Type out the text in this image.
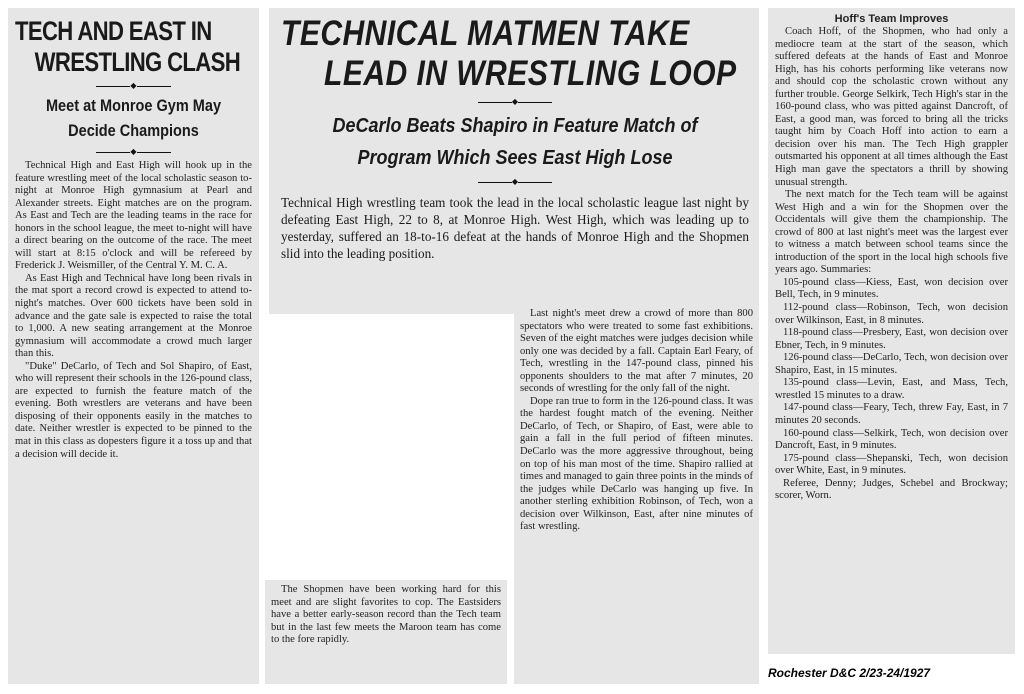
TECH AND EAST IN
WRESTLING CLASH
◆
Meet at Monroe Gym May
Decide Champions
◆

Technical High and East High will hook up in the feature wrestling meet of the local scholastic season to-night at Monroe High gymnasium at Pearl and Alexander streets. Eight matches are on the program. As East and Tech are the leading teams in the race for honors in the school league, the meet to-night will have a direct bearing on the outcome of the race. The meet will start at 8:15 o'clock and will be refereed by Frederick J. Weismiller, of the Central Y. M. C. A.

As East High and Technical have long been rivals in the mat sport a record crowd is expected to attend to-night's matches. Over 600 tickets have been sold in advance and the gate sale is expected to raise the total to 1,000. A new seating arrangement at the Monroe gymnasium will accommodate a crowd much larger than this.

"Duke" DeCarlo, of Tech and Sol Shapiro, of East, who will represent their schools in the 126-pound class, are expected to furnish the feature match of the evening. Both wrestlers are veterans and have been disposing of their opponents easily in the matches to date. Neither wrestler is expected to be pinned to the mat in this class as dopesters figure it a toss up and that a decision will decide it.

TECHNICAL MATMEN TAKE
LEAD IN WRESTLING LOOP
◆
DeCarlo Beats Shapiro in Feature Match of
Program Which Sees East High Lose
◆

Technical High wrestling team took the lead in the local scholastic league last night by defeating East High, 22 to 8, at Monroe High. West High, which was leading up to yesterday, suffered an 18-to-16 defeat at the hands of Monroe High and the Shopmen slid into the leading position.

The Shopmen have been working hard for this meet and are slight favorites to cop. The Eastsiders have a better early-season record than the Tech team but in the last few meets the Maroon team has come to the fore rapidly.

Last night's meet drew a crowd of more than 800 spectators who were treated to some fast exhibitions. Seven of the eight matches were judges decision while only one was decided by a fall. Captain Earl Feary, of Tech, wrestling in the 147-pound class, pinned his opponents shoulders to the mat after 7 minutes, 20 seconds of wrestling for the only fall of the night.

Dope ran true to form in the 126-pound class. It was the hardest fought match of the evening. Neither DeCarlo, of Tech, or Shapiro, of East, were able to gain a fall in the full period of fifteen minutes. DeCarlo was the more aggressive throughout, being on top of his man most of the time. Shapiro rallied at times and managed to gain three points in the minds of the judges while DeCarlo was hanging up five. In another sterling exhibition Robinson, of Tech, won a decision over Wilkinson, East, after nine minutes of fast wrestling.

Hoff's Team Improves

Coach Hoff, of the Shopmen, who had only a mediocre team at the start of the season, which suffered defeats at the hands of East and Monroe High, has his cohorts performing like veterans now and should cop the scholastic crown without any further trouble. George Selkirk, Tech High's star in the 160-pound class, who was pitted against Dancroft, of East, a good man, was forced to bring all the tricks taught him by Coach Hoff into action to earn a decision over his man. The Tech High grappler outsmarted his opponent at all times although the East High man gave the spectators a thrill by showing unusual strength.

The next match for the Tech team will be against West High and a win for the Shopmen over the Occidentals will give them the championship. The crowd of 800 at last night's meet was the largest ever to witness a match between school teams since the introduction of the sport in the local high schools five years ago. Summaries:

105-pound class—Kiess, East, won decision over Bell, Tech, in 9 minutes.

112-pound class—Robinson, Tech, won decision over Wilkinson, East, in 8 minutes.

118-pound class—Presbery, East, won decision over Ebner, Tech, in 9 minutes.

126-pound class—DeCarlo, Tech, won decision over Shapiro, East, in 15 minutes.

135-pound class—Levin, East, and Mass, Tech, wrestled 15 minutes to a draw.

147-pound class—Feary, Tech, threw Fay, East, in 7 minutes 20 seconds.

160-pound class—Selkirk, Tech, won decision over Dancroft, East, in 9 minutes.

175-pound class—Shepanski, Tech, won decision over White, East, in 9 minutes.

Referee, Denny; Judges, Schebel and Brockway; scorer, Worn.

Rochester D&C 2/23-24/1927
